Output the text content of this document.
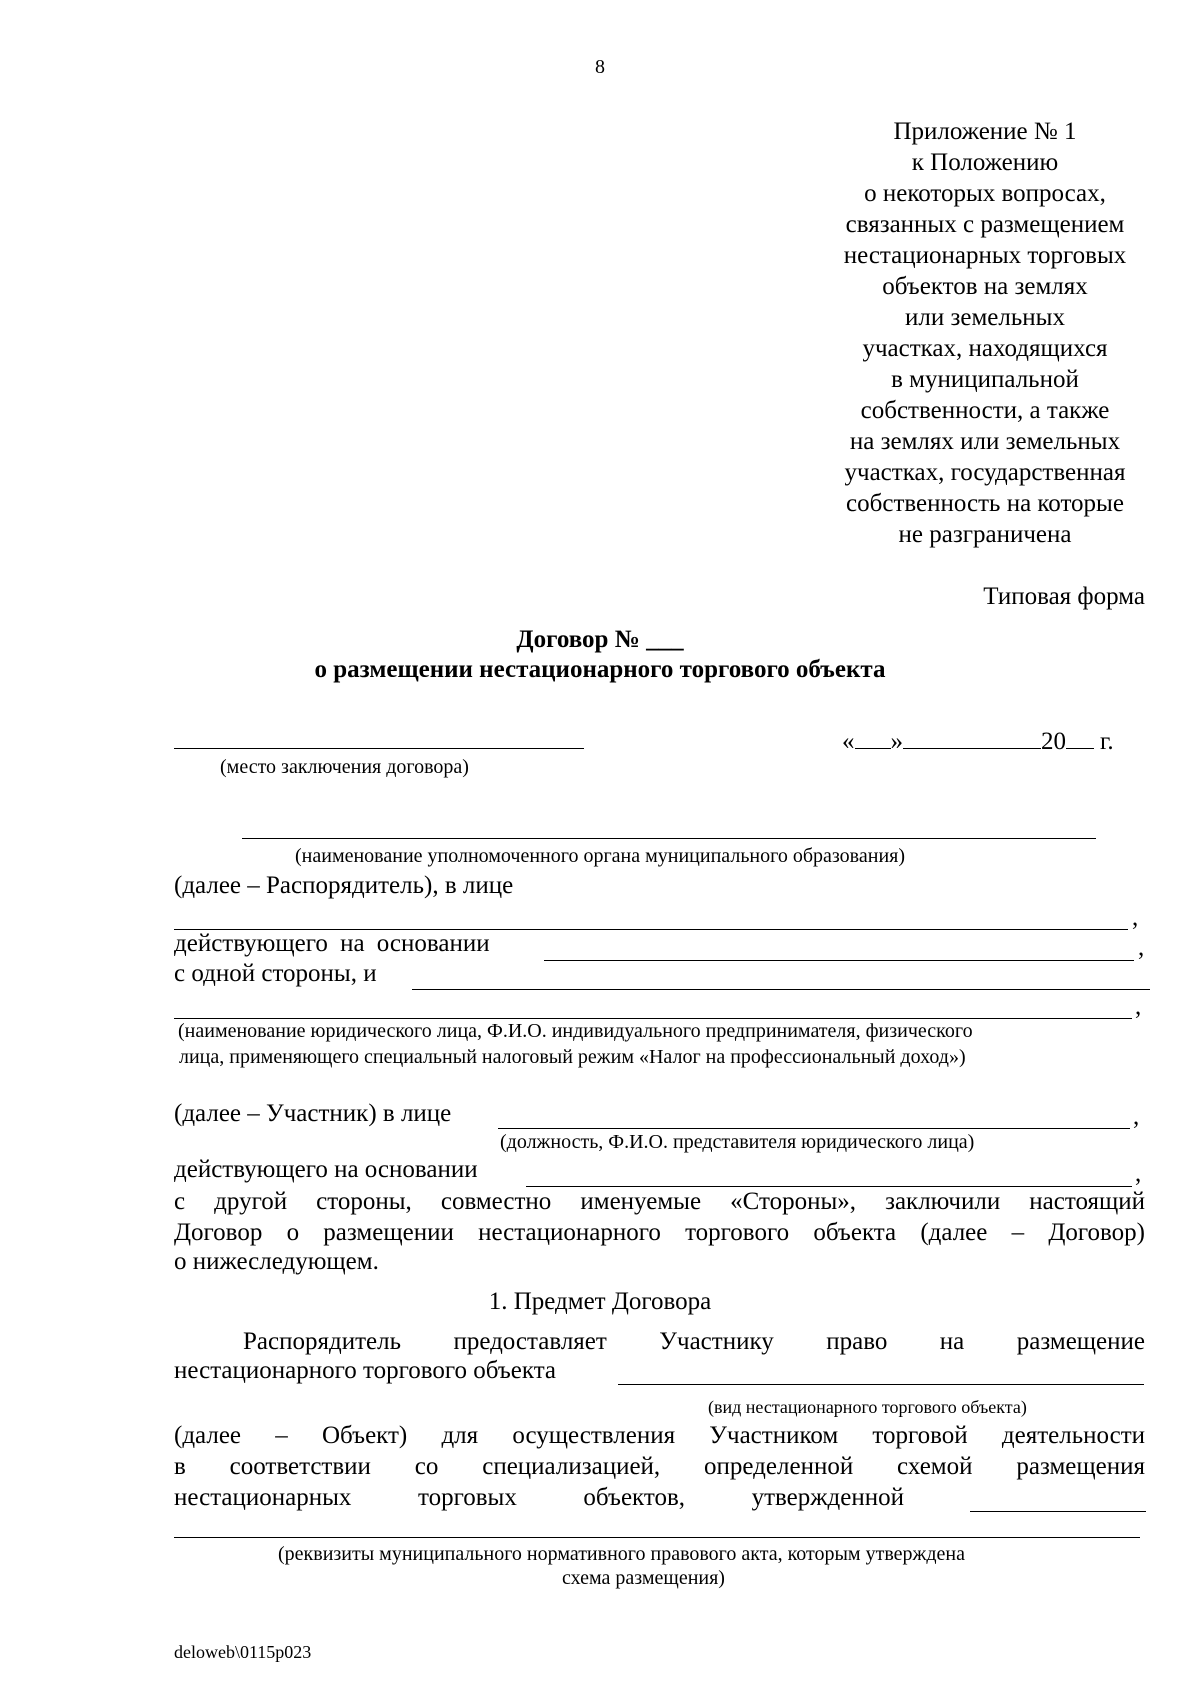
8
Приложение № 1
к Положению
о некоторых вопросах,
связанных с размещением
нестационарных торговых
объектов на землях
или земельных
участках, находящихся
в муниципальной
собственности, а также
на землях или земельных
участках, государственная
собственность на которые
не разграничена
Типовая форма
Договор № ___
о размещении нестационарного торгового объекта
(место заключения договора)
« »	20 г.
(наименование уполномоченного органа муниципального образования)
(далее – Распорядитель), в лице
,
действующего на основании	,
с одной стороны, и
,
(наименование юридического лица, Ф.И.О. индивидуального предпринимателя, физического
лица, применяющего специальный налоговый режим «Налог на профессиональный доход»)
(далее – Участник) в лице	,
(должность, Ф.И.О. представителя юридического лица)
действующего на основании	,
с другой стороны, совместно именуемые «Стороны», заключили настоящий
Договор о размещении нестационарного торгового объекта (далее – Договор)
о нижеследующем.
1. Предмет Договора
Распорядитель предоставляет Участнику право на размещение
нестационарного торгового объекта
(вид нестационарного торгового объекта)
(далее – Объект) для осуществления Участником торговой деятельности
в соответствии со специализацией, определенной схемой размещения
нестационарных торговых объектов, утвержденной
(реквизиты муниципального нормативного правового акта, которым утверждена
схема размещения)
deloweb\0115p023
